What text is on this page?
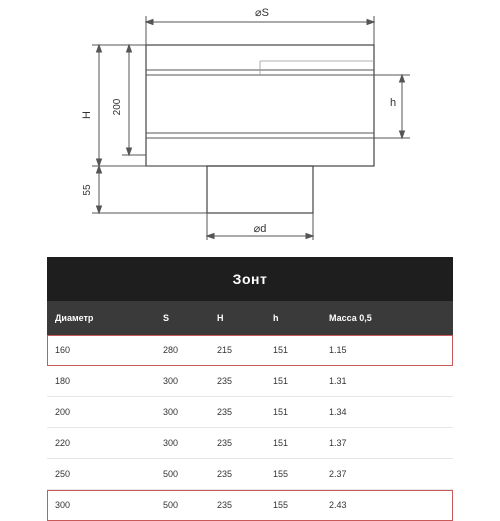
⌀S
H 200	h
55
⌀d
Зонт
Диаметр	S	H	h	Масса 0,5
160	280	215	151	1.15
180	300	235	151	1.31
200	300	235	151	1.34
220	300	235	151	1.37
250	500	235	155	2.37
300	500	235	155	2.43
